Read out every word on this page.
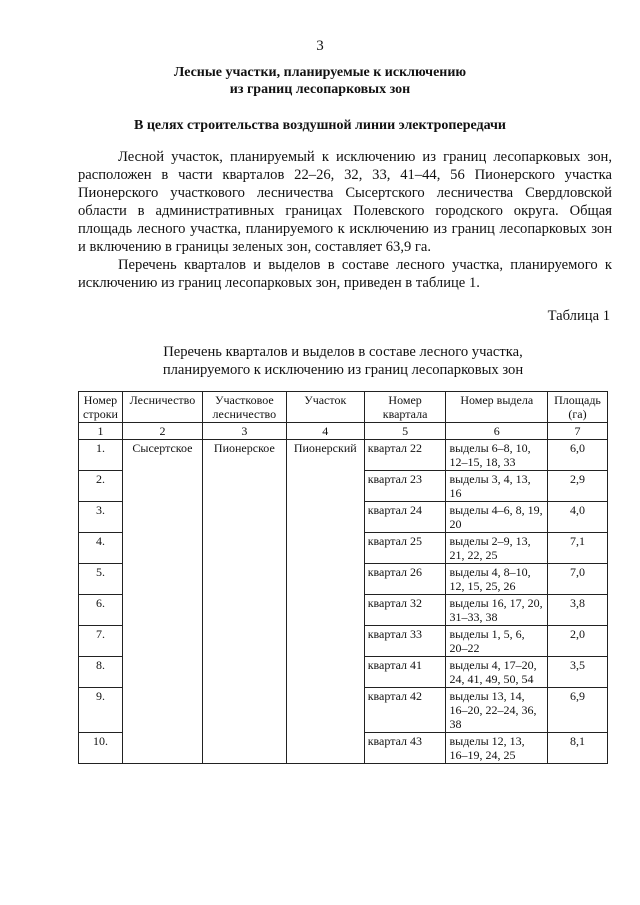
3
Лесные участки, планируемые к исключению
из границ лесопарковых зон
В целях строительства воздушной линии электропередачи

Лесной участок, планируемый к исключению из границ лесопарковых зон, расположен в части кварталов 22–26, 32, 33, 41–44, 56 Пионерского участка Пионерского участкового лесничества Сысертского лесничества Свердловской области в административных границах Полевского городского округа. Общая площадь лесного участка, планируемого к исключению из границ лесопарковых зон и включению в границы зеленых зон, составляет 63,9 га.

Перечень кварталов и выделов в составе лесного участка, планируемого к исключению из границ лесопарковых зон, приведен в таблице 1.

Таблица 1
Перечень кварталов и выделов в составе лесного участка,
планируемого к исключению из границ лесопарковых зон
Номер строки	Лесничество	Участковое лесничество	Участок	Номер квартала	Номер выдела	Площадь (га)
1	2	3	4	5	6	7
1.	Сысертское	Пионерское	Пионерский	квартал 22	выделы 6–8, 10, 12–15, 18, 33	6,0
2.				квартал 23	выделы 3, 4, 13, 16	2,9
3.				квартал 24	выделы 4–6, 8, 19, 20	4,0
4.				квартал 25	выделы 2–9, 13, 21, 22, 25	7,1
5.				квартал 26	выделы 4, 8–10, 12, 15, 25, 26	7,0
6.				квартал 32	выделы 16, 17, 20, 31–33, 38	3,8
7.				квартал 33	выделы 1, 5, 6, 20–22	2,0
8.				квартал 41	выделы 4, 17–20, 24, 41, 49, 50, 54	3,5
9.				квартал 42	выделы 13, 14, 16–20, 22–24, 36, 38	6,9
10.				квартал 43	выделы 12, 13, 16–19, 24, 25	8,1
